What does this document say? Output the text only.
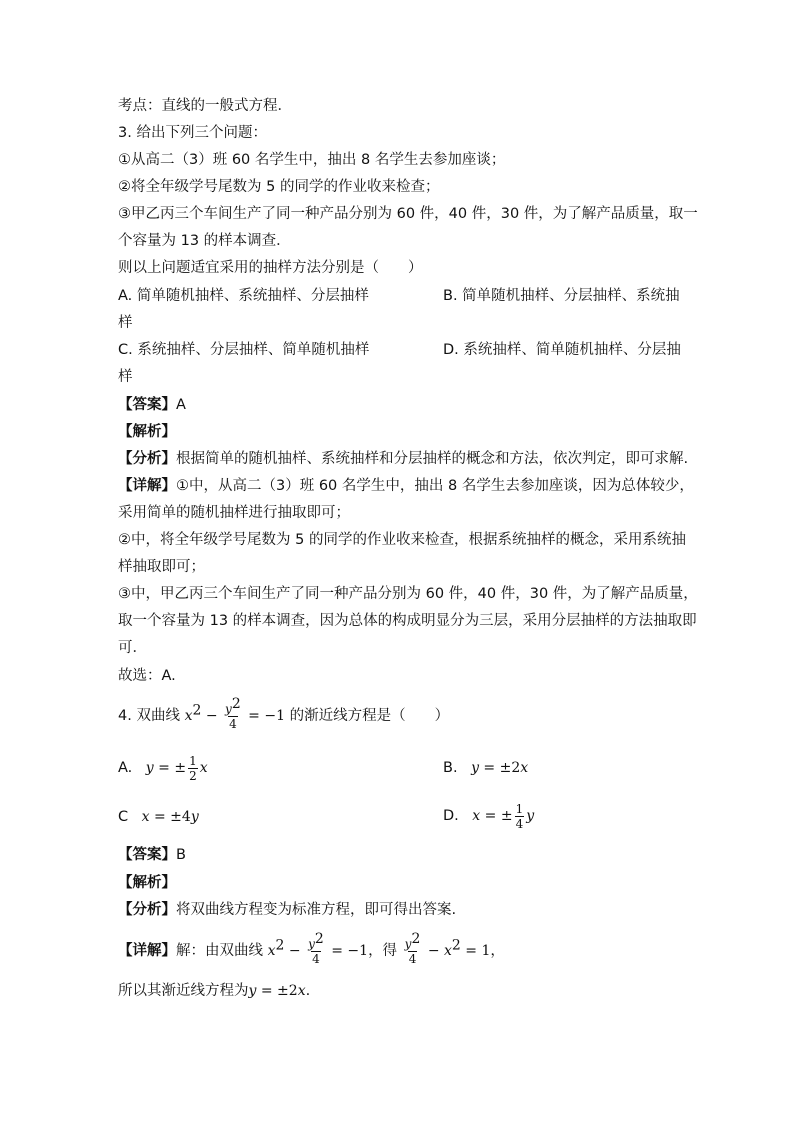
考点：直线的一般式方程．
3. 给出下列三个问题：
①从高二（3）班 60 名学生中，抽出 8 名学生去参加座谈；
②将全年级学号尾数为 5 的同学的作业收来检查；
③甲乙丙三个车间生产了同一种产品分别为 60 件，40 件，30 件，为了解产品质量，取一
个容量为 13 的样本调查．
则以上问题适宜采用的抽样方法分别是（　　）
A. 简单随机抽样、系统抽样、分层抽样	B. 简单随机抽样、分层抽样、系统抽
样
C. 系统抽样、分层抽样、简单随机抽样	D. 系统抽样、简单随机抽样、分层抽
样
【答案】A
【解析】
【分析】根据简单的随机抽样、系统抽样和分层抽样的概念和方法，依次判定，即可求解.
【详解】①中，从高二（3）班 60 名学生中，抽出 8 名学生去参加座谈，因为总体较少，
采用简单的随机抽样进行抽取即可；
②中，将全年级学号尾数为 5 的同学的作业收来检查，根据系统抽样的概念，采用系统抽
样抽取即可；
③中，甲乙丙三个车间生产了同一种产品分别为 60 件，40 件，30 件，为了解产品质量，
取一个容量为 13 的样本调查，因为总体的构成明显分为三层，采用分层抽样的方法抽取即
可．
故选：A.
4. 双曲线 $x^2 - \frac{y^2}{4} = -1$ 的渐近线方程是（　　）
A.   y = ± $\frac{1}{2}$ x	B.   y = ±2x
C   x = ±4y	D.   x = ± $\frac{1}{4}$ y
【答案】B
【解析】
【分析】将双曲线方程变为标准方程，即可得出答案.
【详解】解：由双曲线 $x^2 - \frac{y^2}{4} = -1$，得 $\frac{y^2}{4} - x^2 = 1$，
所以其渐近线方程为y = ±2x.
